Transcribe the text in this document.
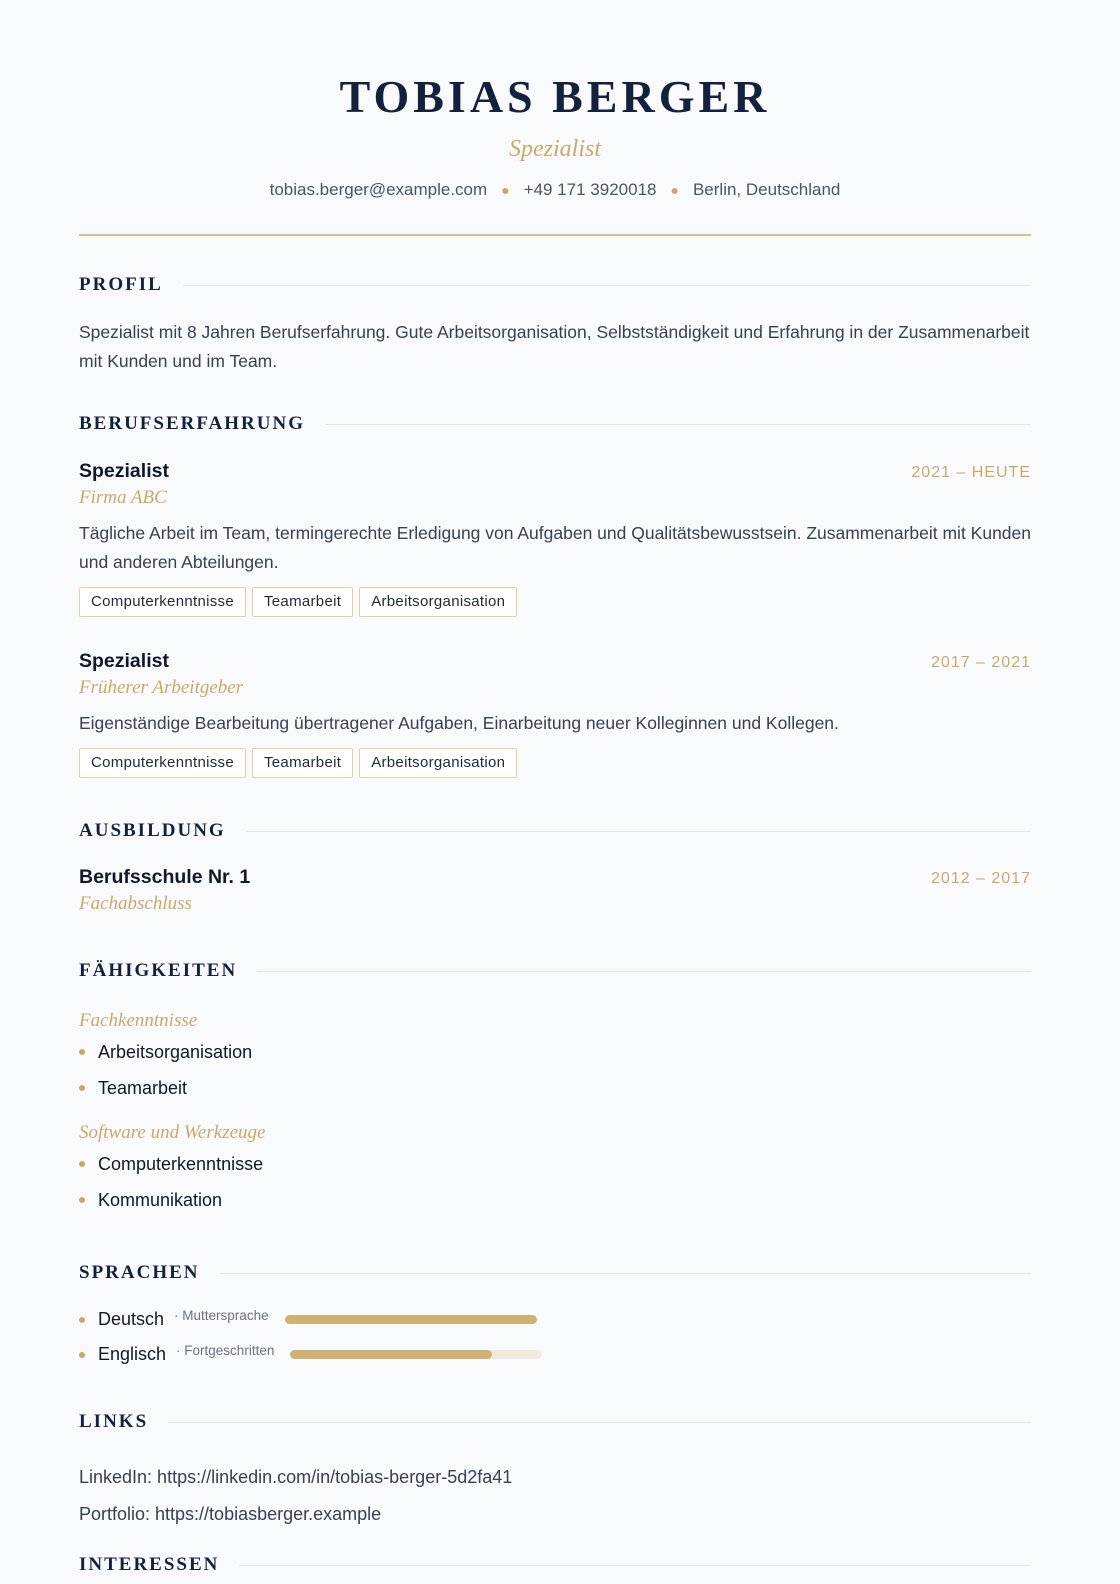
TOBIAS BERGER
Spezialist
tobias.berger@example.com ● +49 171 3920018 ● Berlin, Deutschland
PROFIL

Spezialist mit 8 Jahren Berufserfahrung. Gute Arbeitsorganisation, Selbstständigkeit und Erfahrung in der Zusammenarbeit mit Kunden und im Team.

BERUFSERFAHRUNG
Spezialist	2021 – HEUTE
Firma ABC

Tägliche Arbeit im Team, termingerechte Erledigung von Aufgaben und Qualitätsbewusstsein. Zusammenarbeit mit Kunden und anderen Abteilungen.

Computerkenntnisse	Teamarbeit	Arbeitsorganisation
Spezialist	2017 – 2021
Früherer Arbeitgeber

Eigenständige Bearbeitung übertragener Aufgaben, Einarbeitung neuer Kolleginnen und Kollegen.

Computerkenntnisse	Teamarbeit	Arbeitsorganisation
AUSBILDUNG
Berufsschule Nr. 1	2012 – 2017
Fachabschluss
FÄHIGKEITEN
Fachkenntnisse
Arbeitsorganisation
Teamarbeit
Software und Werkzeuge
Computerkenntnisse
Kommunikation
SPRACHEN
Deutsch · Muttersprache
Englisch · Fortgeschritten
LINKS
LinkedIn: https://linkedin.com/in/tobias-berger-5d2fa41
Portfolio: https://tobiasberger.example
INTERESSEN
